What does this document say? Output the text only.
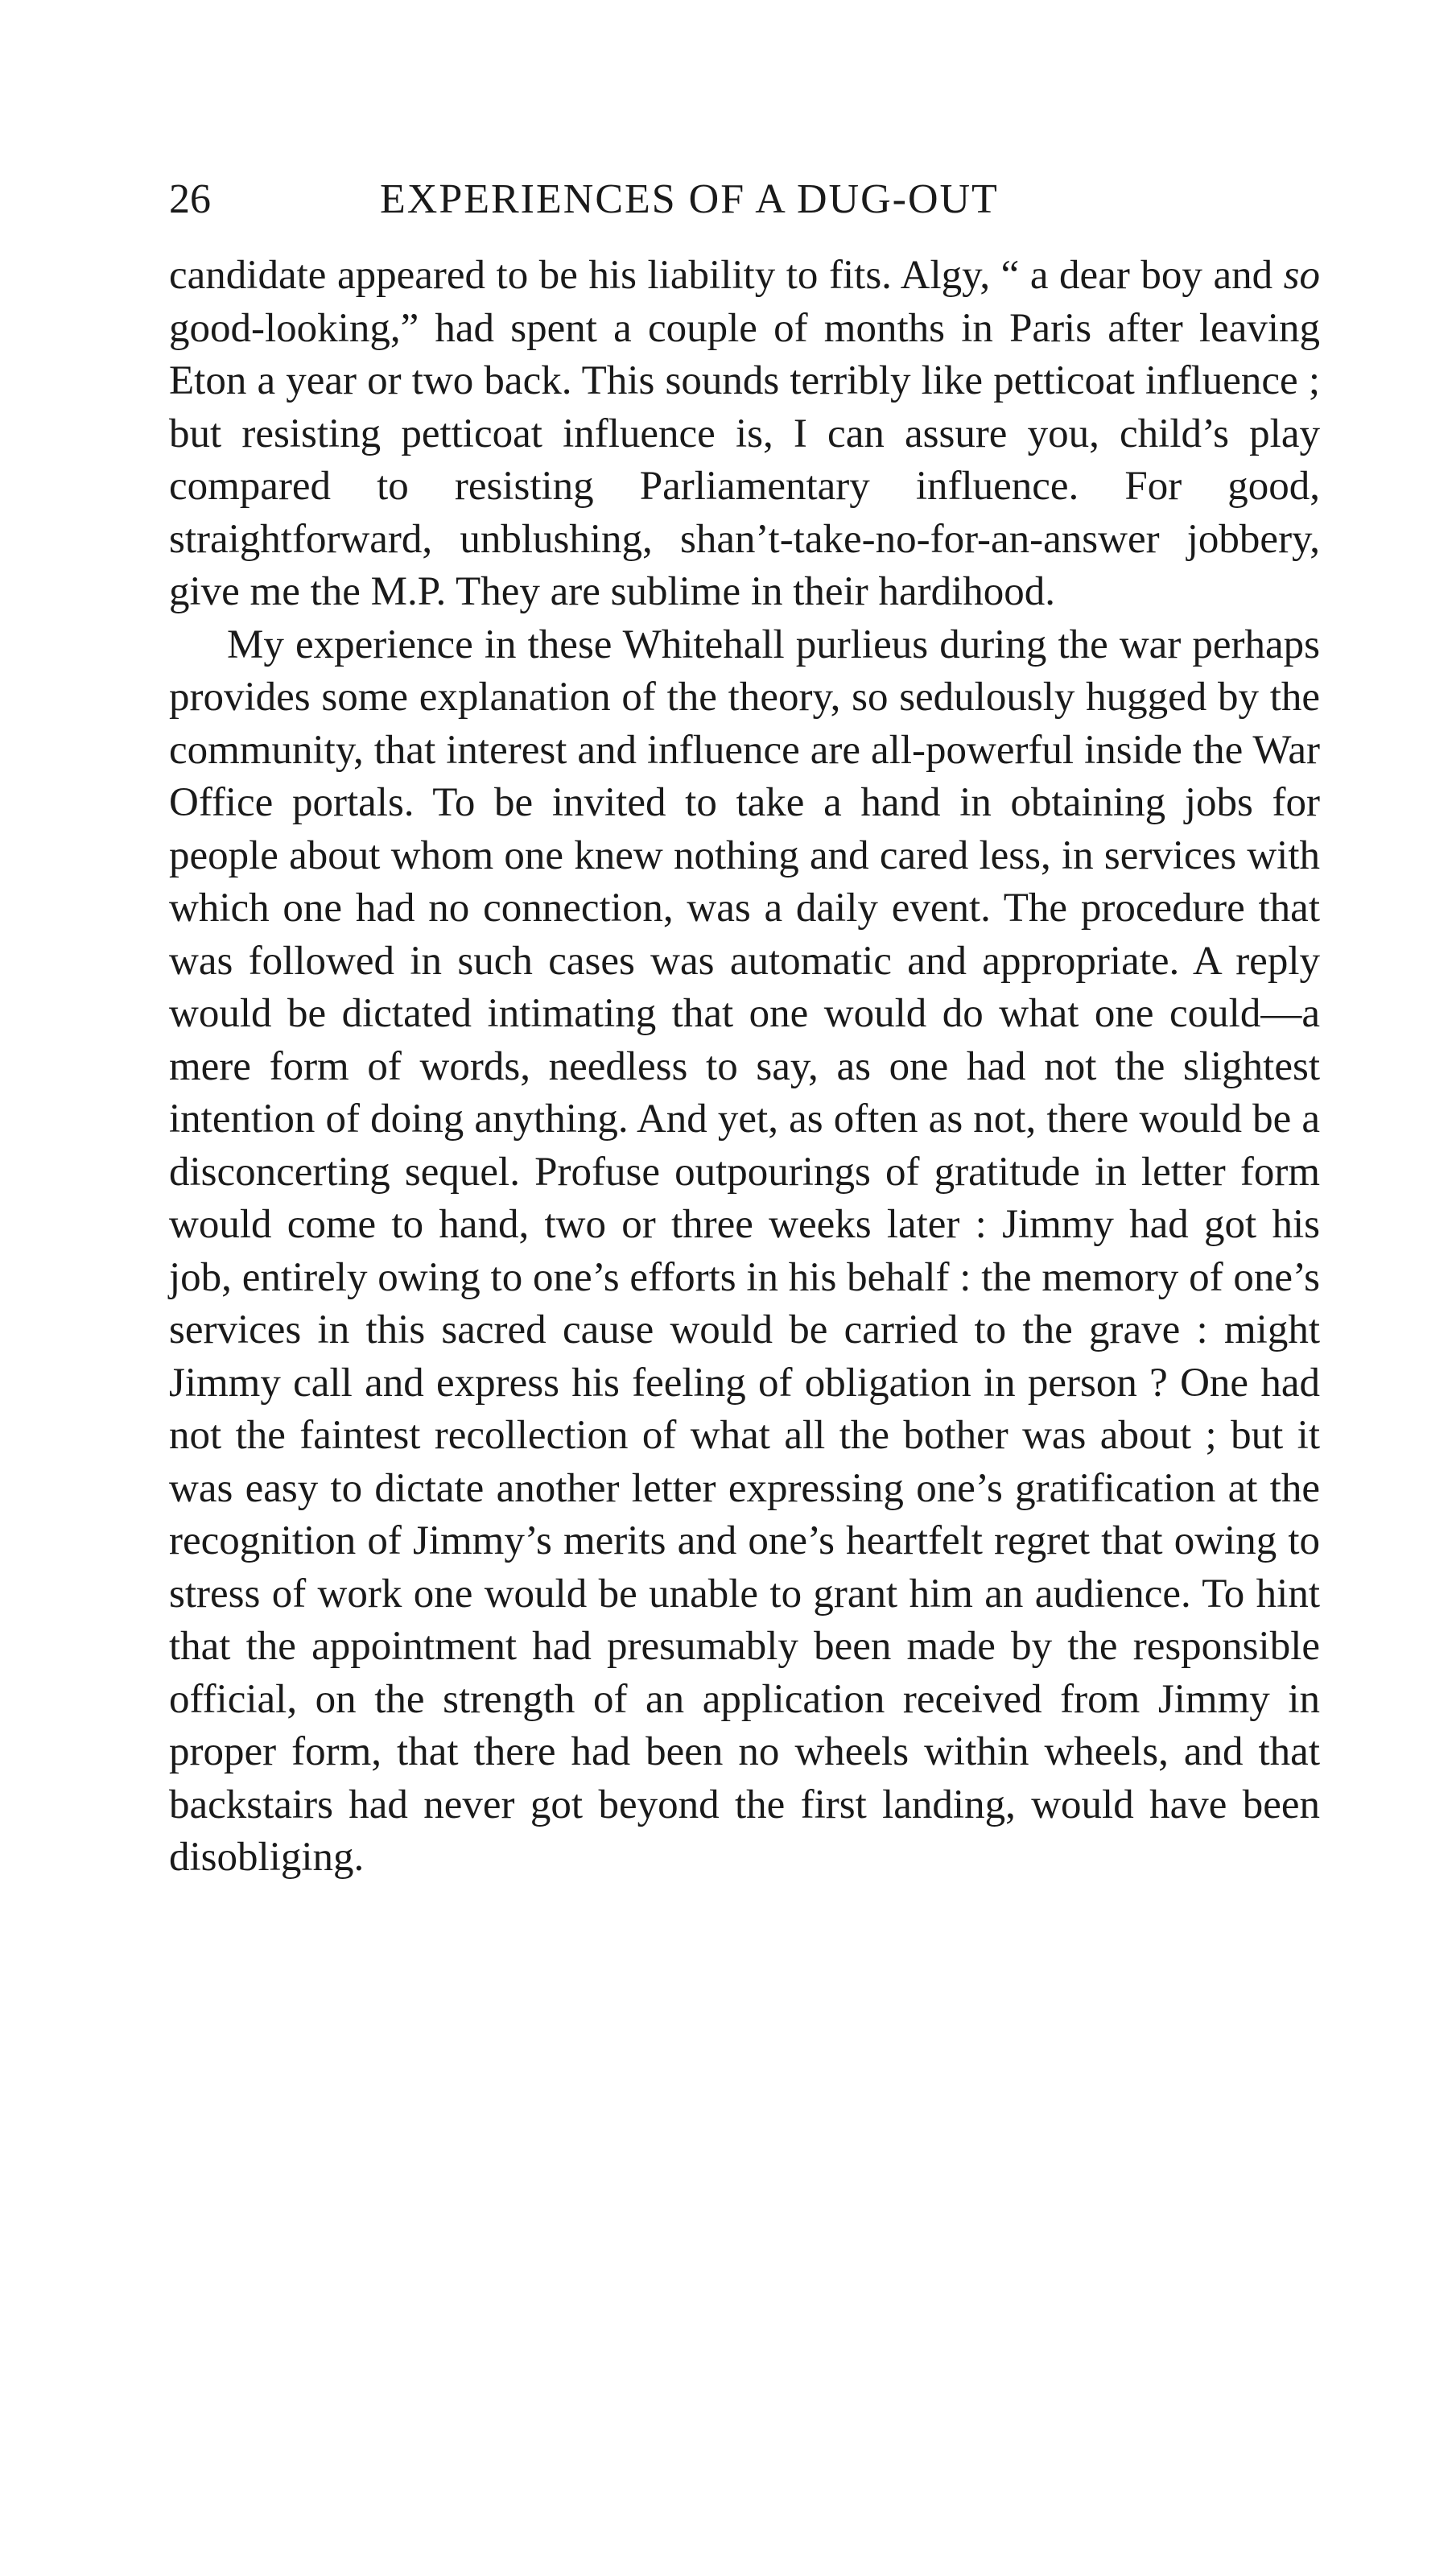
26	EXPERIENCES OF A DUG-OUT

candidate appeared to be his liability to fits. Algy, “ a dear boy and so good-looking,” had spent a couple of months in Paris after leaving Eton a year or two back. This sounds terribly like petticoat influence ; but resisting petticoat influence is, I can assure you, child’s play compared to resisting Parliamentary influence. For good, straightforward, unblushing, shan’t-take-no-for-an-answer jobbery, give me the M.P. They are sublime in their hardihood.

My experience in these Whitehall purlieus during the war perhaps provides some explanation of the theory, so sedulously hugged by the community, that interest and influence are all-powerful inside the War Office portals. To be invited to take a hand in obtaining jobs for people about whom one knew nothing and cared less, in services with which one had no connection, was a daily event. The procedure that was followed in such cases was automatic and appropriate. A reply would be dictated intimating that one would do what one could—a mere form of words, needless to say, as one had not the slightest intention of doing anything. And yet, as often as not, there would be a disconcerting sequel. Profuse outpourings of gratitude in letter form would come to hand, two or three weeks later : Jimmy had got his job, entirely owing to one’s efforts in his behalf : the memory of one’s services in this sacred cause would be carried to the grave : might Jimmy call and express his feeling of obligation in person ? One had not the faintest recollection of what all the bother was about ; but it was easy to dictate another letter expressing one’s gratification at the recognition of Jimmy’s merits and one’s heartfelt regret that owing to stress of work one would be unable to grant him an audience. To hint that the appointment had presumably been made by the responsible official, on the strength of an application received from Jimmy in proper form, that there had been no wheels within wheels, and that backstairs had never got beyond the first landing, would have been disobliging.
